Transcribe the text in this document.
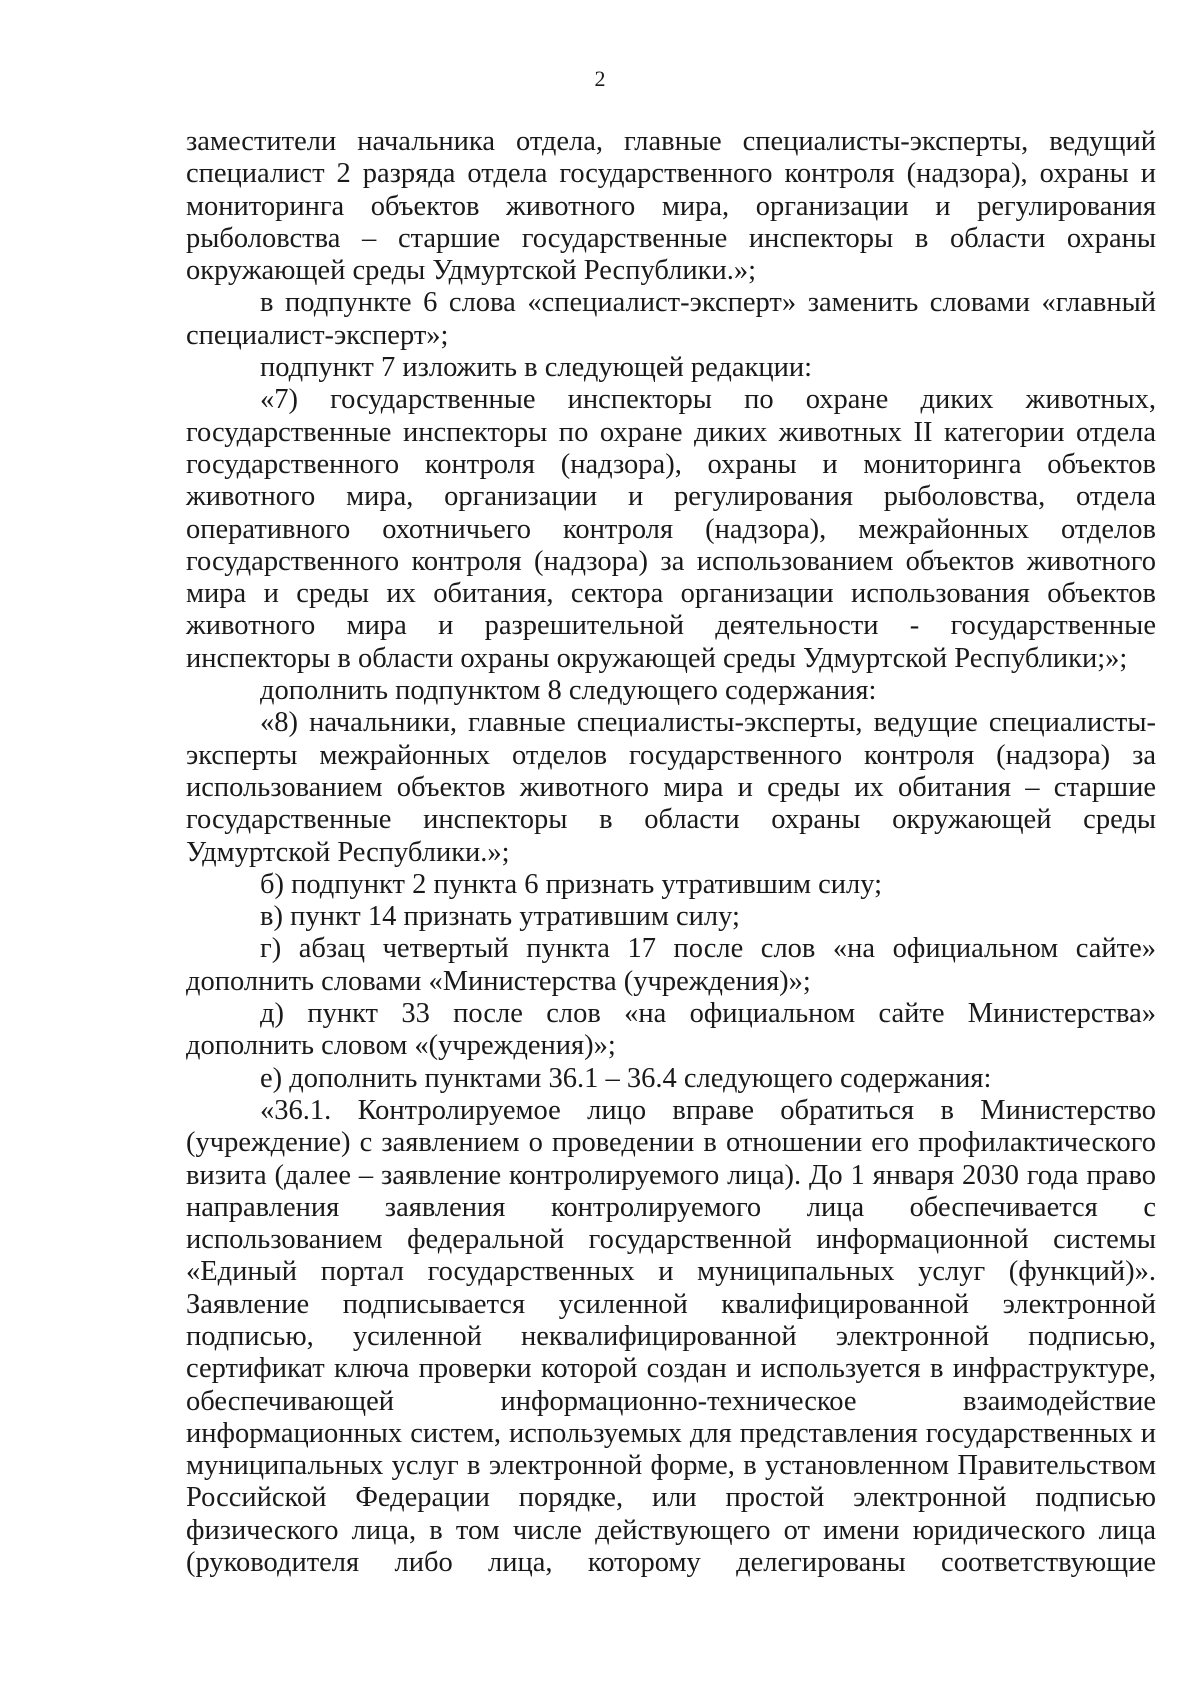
2

заместители начальника отдела, главные специалисты-эксперты, ведущий специалист 2 разряда отдела государственного контроля (надзора), охраны и мониторинга объектов животного мира, организации и регулирования рыболовства – старшие государственные инспекторы в области охраны окружающей среды Удмуртской Республики.»;

в подпункте 6 слова «специалист-эксперт» заменить словами «главный специалист-эксперт»;

подпункт 7 изложить в следующей редакции:

«7) государственные инспекторы по охране диких животных, государственные инспекторы по охране диких животных II категории отдела государственного контроля (надзора), охраны и мониторинга объектов животного мира, организации и регулирования рыболовства, отдела оперативного охотничьего контроля (надзора), межрайонных отделов государственного контроля (надзора) за использованием объектов животного мира и среды их обитания, сектора организации использования объектов животного мира и разрешительной деятельности - государственные инспекторы в области охраны окружающей среды Удмуртской Республики;»;

дополнить подпунктом 8 следующего содержания:

«8) начальники, главные специалисты-эксперты, ведущие специалисты-эксперты межрайонных отделов государственного контроля (надзора) за использованием объектов животного мира и среды их обитания – старшие государственные инспекторы в области охраны окружающей среды Удмуртской Республики.»;

б) подпункт 2 пункта 6 признать утратившим силу;

в) пункт 14 признать утратившим силу;

г) абзац четвертый пункта 17 после слов «на официальном сайте» дополнить словами «Министерства (учреждения)»;

д) пункт 33 после слов «на официальном сайте Министерства» дополнить словом «(учреждения)»;

е) дополнить пунктами 36.1 – 36.4 следующего содержания:

«36.1. Контролируемое лицо вправе обратиться в Министерство (учреждение) с заявлением о проведении в отношении его профилактического визита (далее – заявление контролируемого лица). До 1 января 2030 года право направления заявления контролируемого лица обеспечивается с использованием федеральной государственной информационной системы «Единый портал государственных и муниципальных услуг (функций)». Заявление подписывается усиленной квалифицированной электронной подписью, усиленной неквалифицированной электронной подписью, сертификат ключа проверки которой создан и используется в инфраструктуре, обеспечивающей информационно-техническое взаимодействие информационных систем, используемых для представления государственных и муниципальных услуг в электронной форме, в установленном Правительством Российской Федерации порядке, или простой электронной подписью физического лица, в том числе действующего от имени юридического лица (руководителя либо лица, которому делегированы соответствующие
